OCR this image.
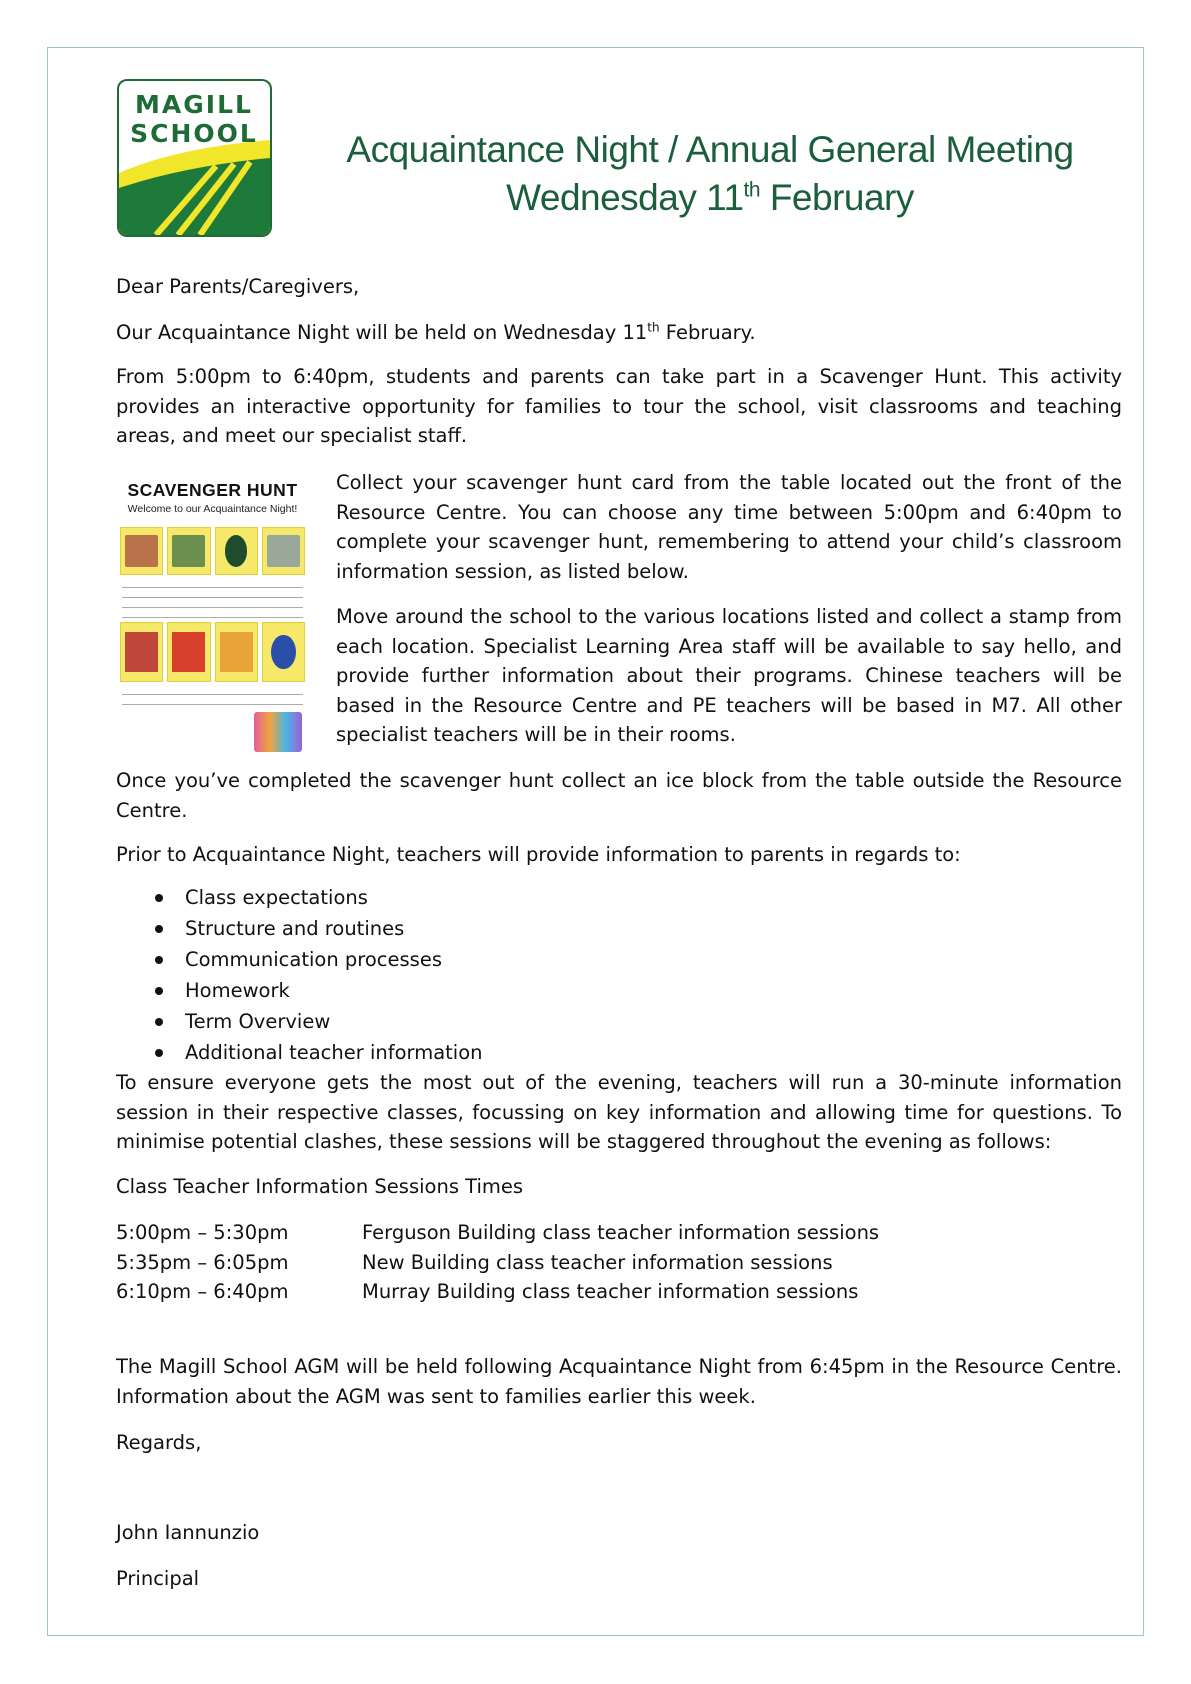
MAGILL
SCHOOL	Acquaintance Night / Annual General Meeting
Wednesday 11th February

Dear Parents/Caregivers,

Our Acquaintance Night will be held on Wednesday 11th February.

From 5:00pm to 6:40pm, students and parents can take part in a Scavenger Hunt. This activity provides an interactive opportunity for families to tour the school, visit classrooms and teaching areas, and meet our specialist staff.

SCAVENGER HUNT
Welcome to our Acquaintance Night!

Collect your scavenger hunt card from the table located out the front of the Resource Centre. You can choose any time between 5:00pm and 6:40pm to complete your scavenger hunt, remembering to attend your child’s classroom information session, as listed below.

Move around the school to the various locations listed and collect a stamp from each location. Specialist Learning Area staff will be available to say hello, and provide further information about their programs. Chinese teachers will be based in the Resource Centre and PE teachers will be based in M7. All other specialist teachers will be in their rooms.

Once you’ve completed the scavenger hunt collect an ice block from the table outside the Resource Centre.

Prior to Acquaintance Night, teachers will provide information to parents in regards to:

Class expectations
Structure and routines
Communication processes
Homework
Term Overview
Additional teacher information

To ensure everyone gets the most out of the evening, teachers will run a 30-minute information session in their respective classes, focussing on key information and allowing time for questions. To minimise potential clashes, these sessions will be staggered throughout the evening as follows:

Class Teacher Information Sessions Times

5:00pm – 5:30pm	Ferguson Building class teacher information sessions
5:35pm – 6:05pm	New Building class teacher information sessions
6:10pm – 6:40pm	Murray Building class teacher information sessions

The Magill School AGM will be held following Acquaintance Night from 6:45pm in the Resource Centre. Information about the AGM was sent to families earlier this week.

Regards,

John Iannunzio

Principal
